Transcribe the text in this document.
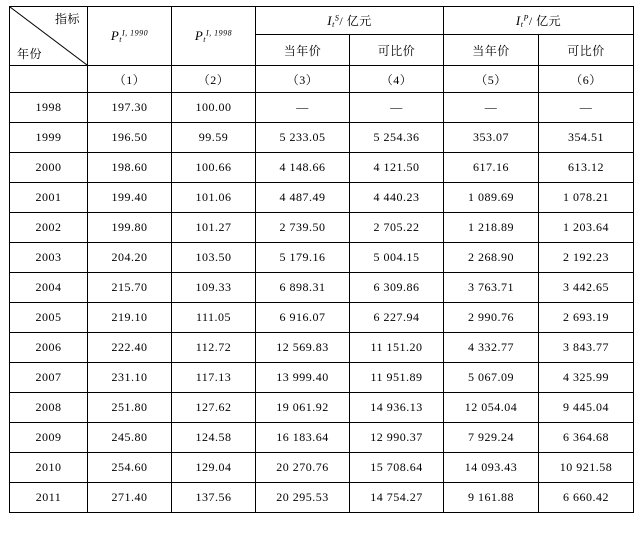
指标
年份	$P_t^{I, 1990}$	$P_t^{I, 1998}$	$I_t^S/$ 亿元		$I_t^P/$ 亿元	
			当年价	可比价	当年价	可比价
	（1）	（2）	（3）	（4）	（5）	（6）
1998	197.30	100.00	—	—	—	—
1999	196.50	99.59	5 233.05	5 254.36	353.07	354.51
2000	198.60	100.66	4 148.66	4 121.50	617.16	613.12
2001	199.40	101.06	4 487.49	4 440.23	1 089.69	1 078.21
2002	199.80	101.27	2 739.50	2 705.22	1 218.89	1 203.64
2003	204.20	103.50	5 179.16	5 004.15	2 268.90	2 192.23
2004	215.70	109.33	6 898.31	6 309.86	3 763.71	3 442.65
2005	219.10	111.05	6 916.07	6 227.94	2 990.76	2 693.19
2006	222.40	112.72	12 569.83	11 151.20	4 332.77	3 843.77
2007	231.10	117.13	13 999.40	11 951.89	5 067.09	4 325.99
2008	251.80	127.62	19 061.92	14 936.13	12 054.04	9 445.04
2009	245.80	124.58	16 183.64	12 990.37	7 929.24	6 364.68
2010	254.60	129.04	20 270.76	15 708.64	14 093.43	10 921.58
2011	271.40	137.56	20 295.53	14 754.27	9 161.88	6 660.42
